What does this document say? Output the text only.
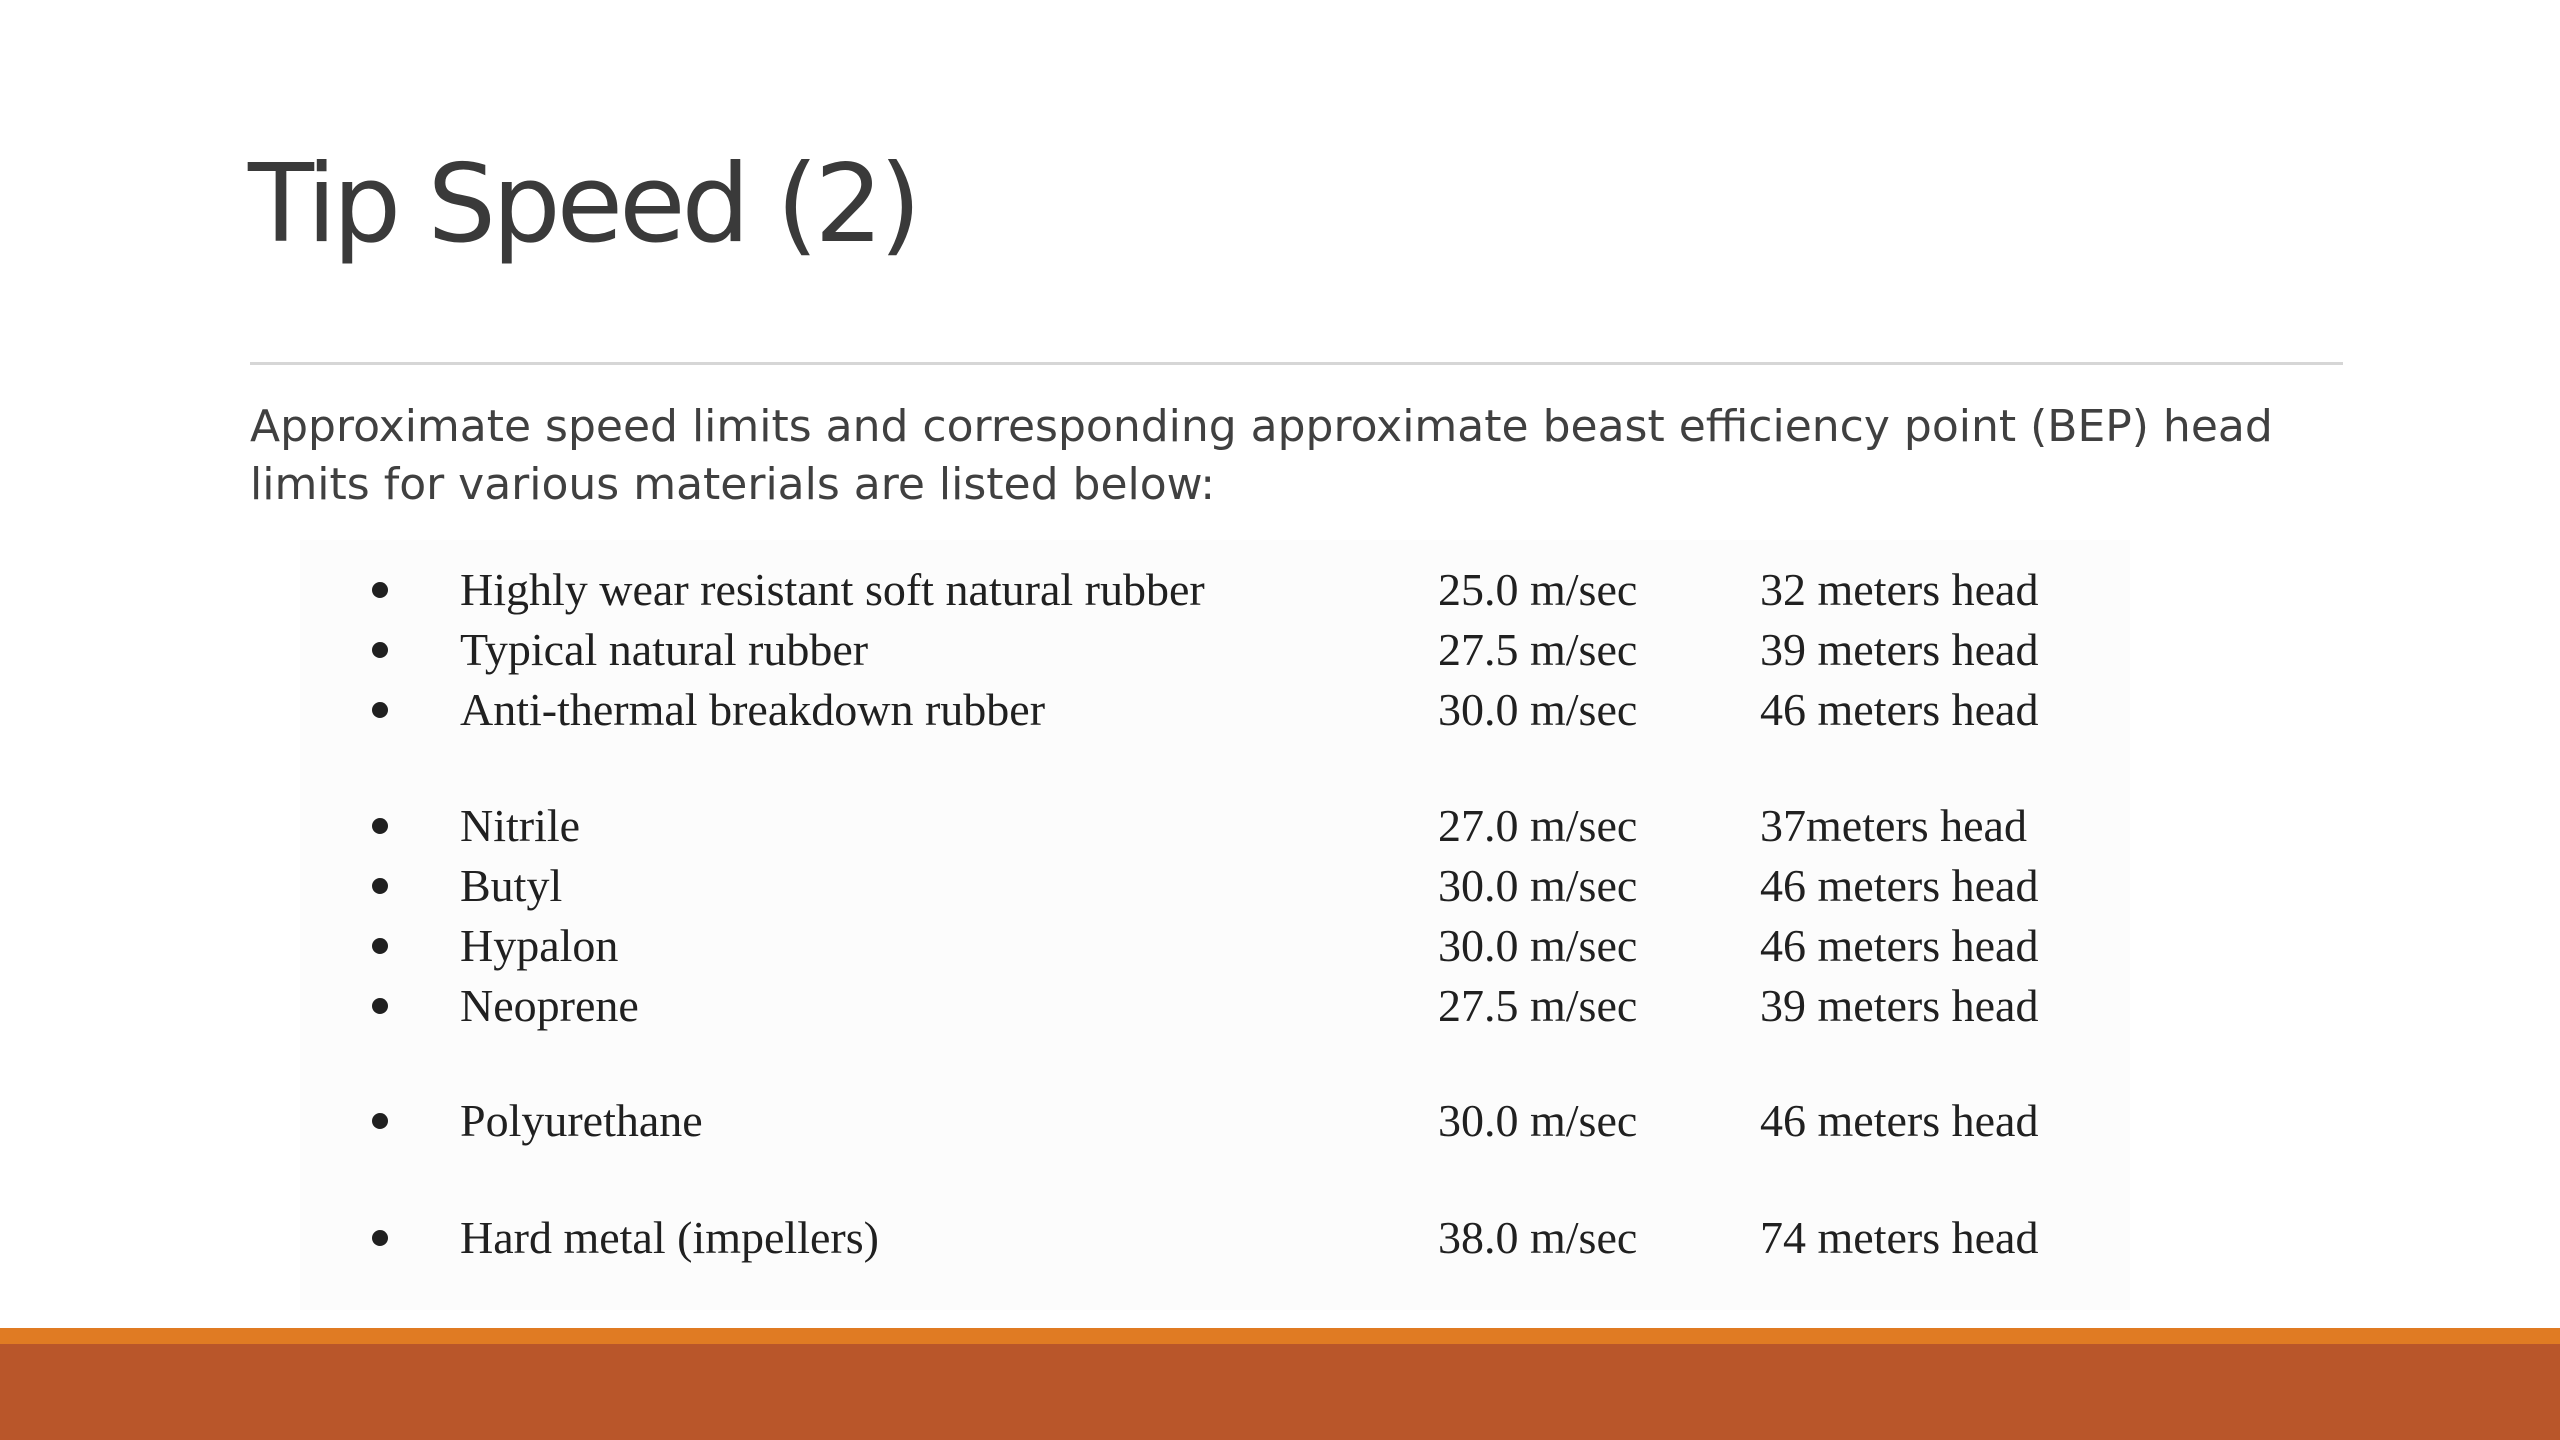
Tip Speed (2)
Approximate speed limits and corresponding approximate beast efficiency point (BEP) head limits for various materials are listed below:
Highly wear resistant soft natural rubber	25.0 m/sec	32 meters head
Typical natural rubber	27.5 m/sec	39 meters head
Anti-thermal breakdown rubber	30.0 m/sec	46 meters head
Nitrile	27.0 m/sec	37meters head
Butyl	30.0 m/sec	46 meters head
Hypalon	30.0 m/sec	46 meters head
Neoprene	27.5 m/sec	39 meters head
Polyurethane	30.0 m/sec	46 meters head
Hard metal (impellers)	38.0 m/sec	74 meters head
